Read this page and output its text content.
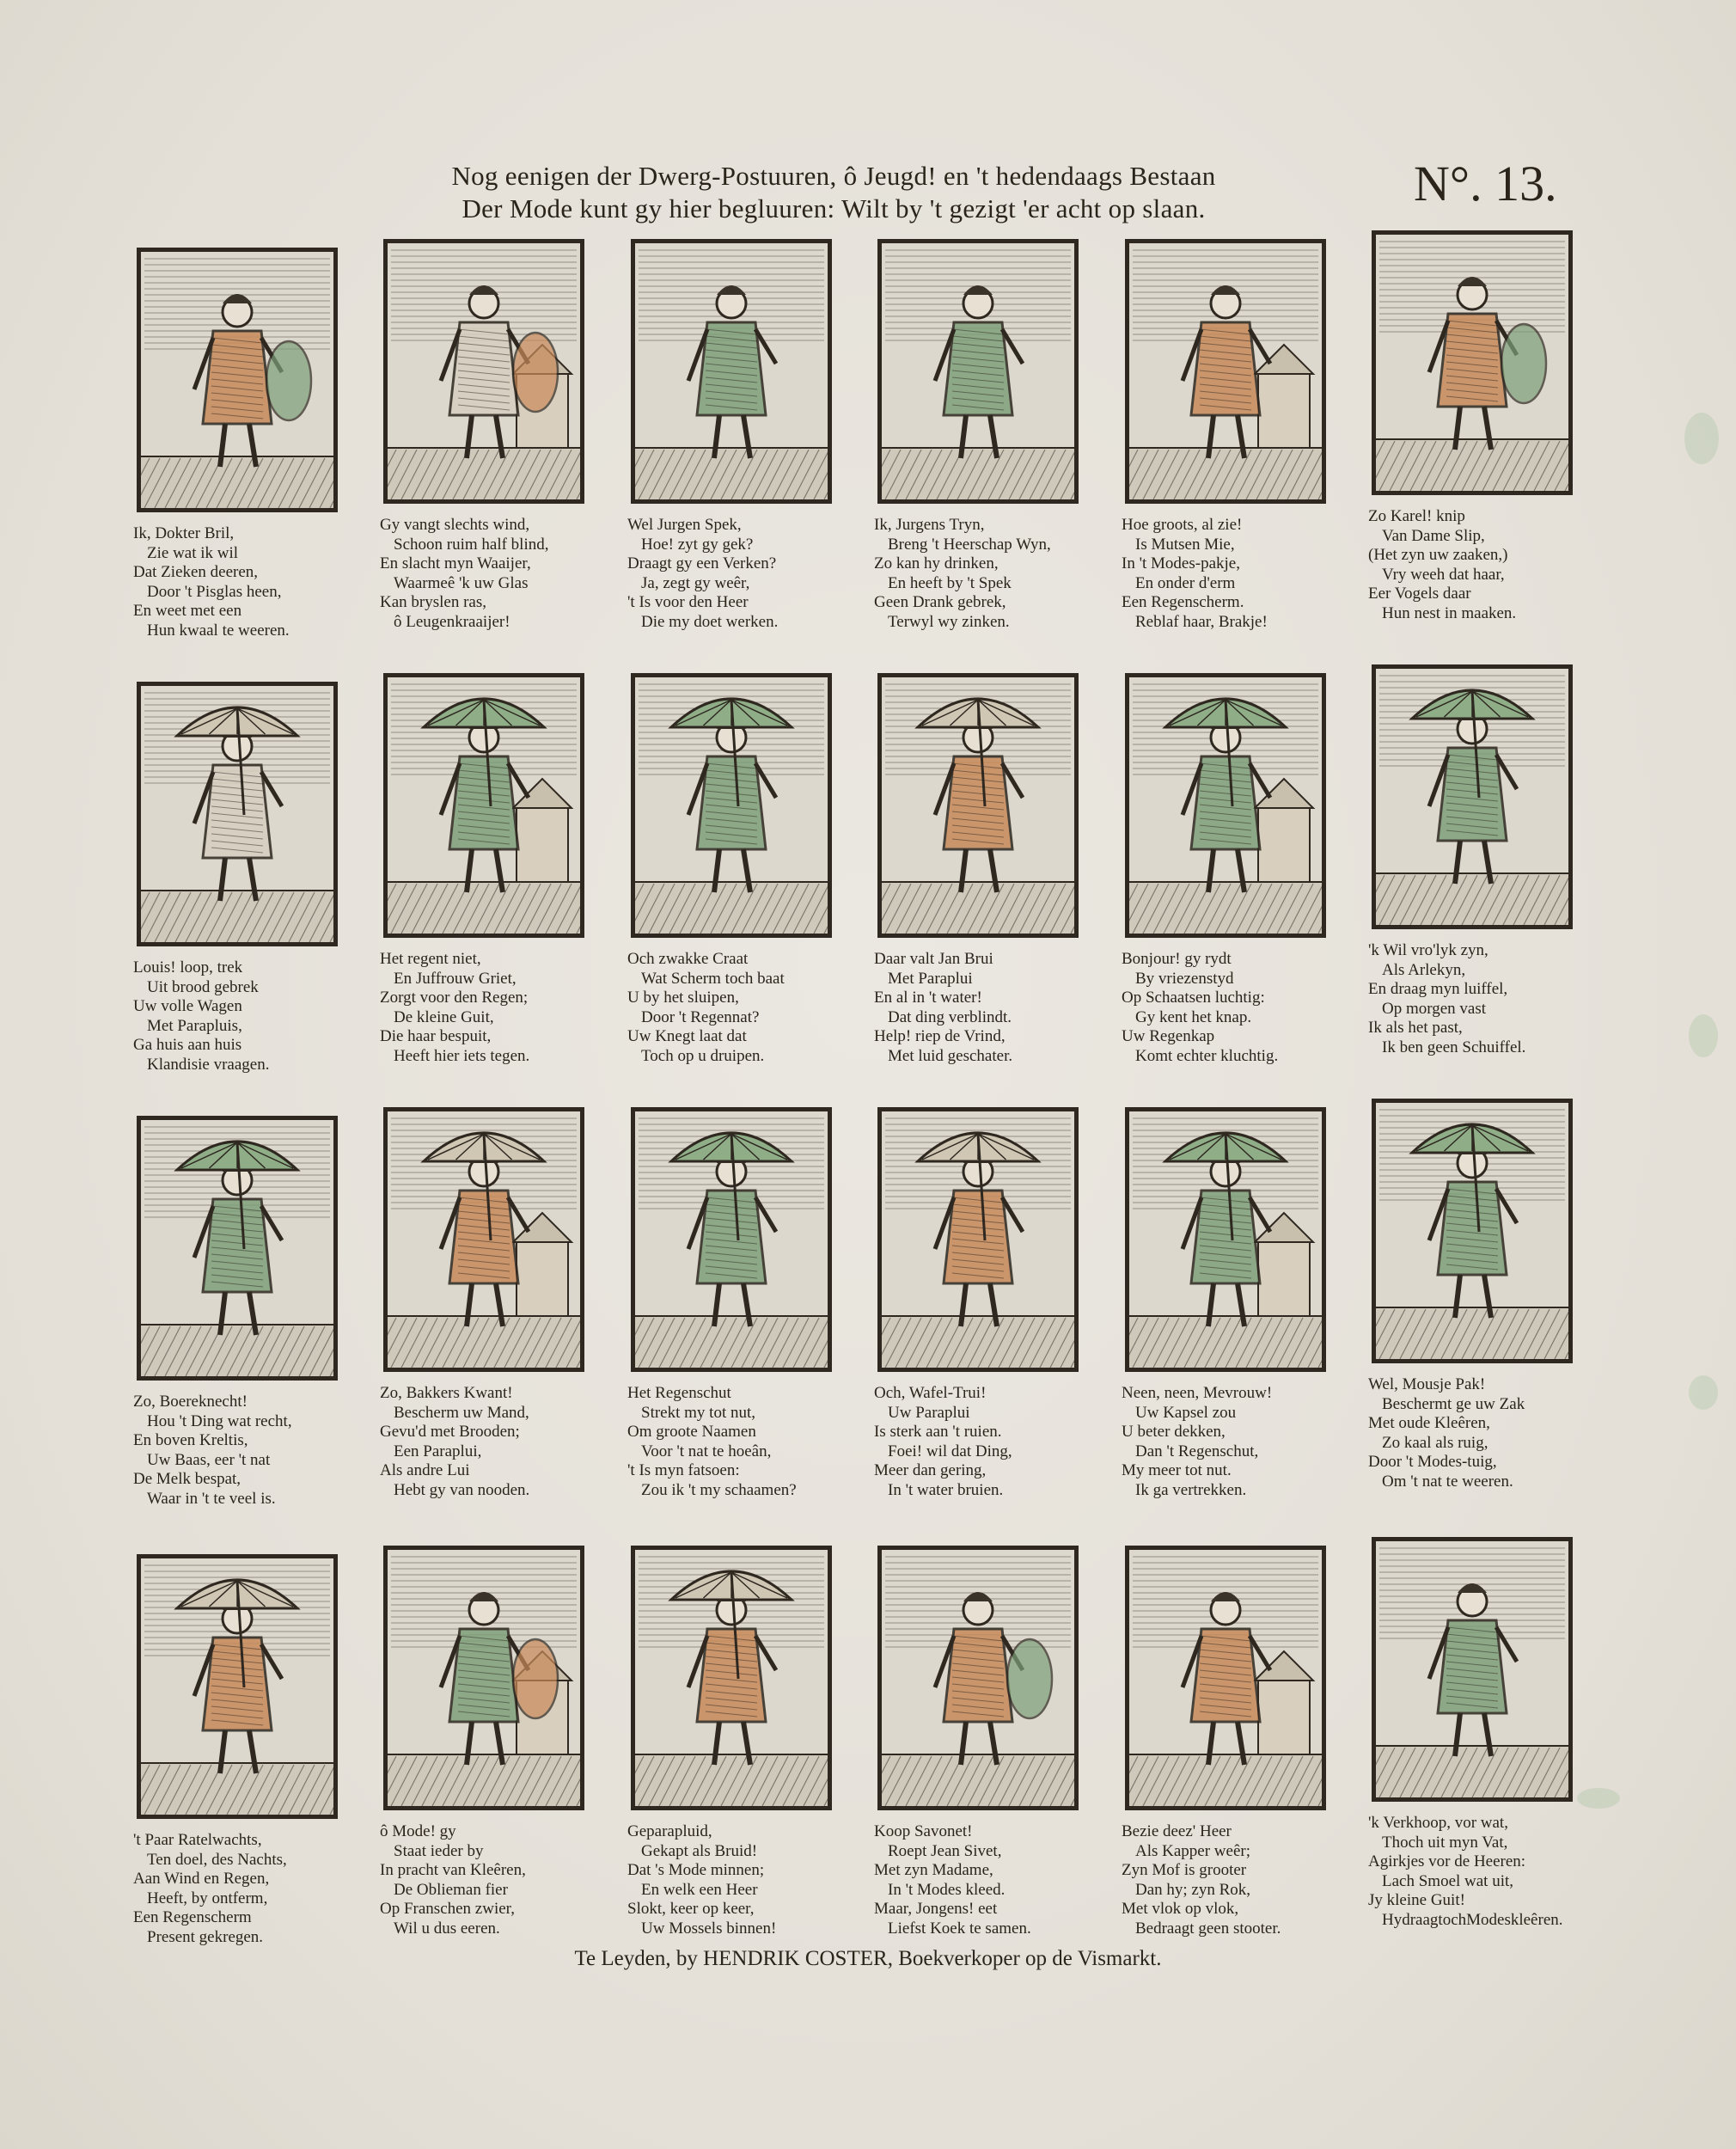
Nog eenigen der Dwerg-Postuuren, ô Jeugd! en 't hedendaags Bestaan
Der Mode kunt gy hier begluuren: Wilt by 't gezigt 'er acht op slaan.	N°. 13.
Ik, Dokter Bril,
Zie wat ik wil
Dat Zieken deeren,
Door 't Pisglas heen,
En weet met een
Hun kwaal te weeren.
Gy vangt slechts wind,
Schoon ruim half blind,
En slacht myn Waaijer,
Waarmeê 'k uw Glas
Kan bryslen ras,
ô Leugenkraaijer!
Wel Jurgen Spek,
Hoe! zyt gy gek?
Draagt gy een Verken?
Ja, zegt gy weêr,
't Is voor den Heer
Die my doet werken.
Ik, Jurgens Tryn,
Breng 't Heerschap Wyn,
Zo kan hy drinken,
En heeft by 't Spek
Geen Drank gebrek,
Terwyl wy zinken.
Hoe groots, al zie!
Is Mutsen Mie,
In 't Modes-pakje,
En onder d'erm
Een Regenscherm.
Reblaf haar, Brakje!
Zo Karel! knip
Van Dame Slip,
(Het zyn uw zaaken,)
Vry weeh dat haar,
Eer Vogels daar
Hun nest in maaken.
Louis! loop, trek
Uit brood gebrek
Uw volle Wagen
Met Parapluis,
Ga huis aan huis
Klandisie vraagen.
Het regent niet,
En Juffrouw Griet,
Zorgt voor den Regen;
De kleine Guit,
Die haar bespuit,
Heeft hier iets tegen.
Och zwakke Craat
Wat Scherm toch baat
U by het sluipen,
Door 't Regennat?
Uw Knegt laat dat
Toch op u druipen.
Daar valt Jan Brui
Met Paraplui
En al in 't water!
Dat ding verblindt.
Help! riep de Vrind,
Met luid geschater.
Bonjour! gy rydt
By vriezenstyd
Op Schaatsen luchtig:
Gy kent het knap.
Uw Regenkap
Komt echter kluchtig.
'k Wil vro'lyk zyn,
Als Arlekyn,
En draag myn luiffel,
Op morgen vast
Ik als het past,
Ik ben geen Schuiffel.
Zo, Boereknecht!
Hou 't Ding wat recht,
En boven Kreltis,
Uw Baas, eer 't nat
De Melk bespat,
Waar in 't te veel is.
Zo, Bakkers Kwant!
Bescherm uw Mand,
Gevu'd met Brooden;
Een Paraplui,
Als andre Lui
Hebt gy van nooden.
Het Regenschut
Strekt my tot nut,
Om groote Naamen
Voor 't nat te hoeân,
't Is myn fatsoen:
Zou ik 't my schaamen?
Och, Wafel-Trui!
Uw Paraplui
Is sterk aan 't ruien.
Foei! wil dat Ding,
Meer dan gering,
In 't water bruien.
Neen, neen, Mevrouw!
Uw Kapsel zou
U beter dekken,
Dan 't Regenschut,
My meer tot nut.
Ik ga vertrekken.
Wel, Mousje Pak!
Beschermt ge uw Zak
Met oude Kleêren,
Zo kaal als ruig,
Door 't Modes-tuig,
Om 't nat te weeren.
't Paar Ratelwachts,
Ten doel, des Nachts,
Aan Wind en Regen,
Heeft, by ontferm,
Een Regenscherm
Present gekregen.
ô Mode! gy
Staat ieder by
In pracht van Kleêren,
De Oblieman fier
Op Franschen zwier,
Wil u dus eeren.
Geparapluid,
Gekapt als Bruid!
Dat 's Mode minnen;
En welk een Heer
Slokt, keer op keer,
Uw Mossels binnen!
Koop Savonet!
Roept Jean Sivet,
Met zyn Madame,
In 't Modes kleed.
Maar, Jongens! eet
Liefst Koek te samen.
Bezie deez' Heer
Als Kapper weêr;
Zyn Mof is grooter
Dan hy; zyn Rok,
Met vlok op vlok,
Bedraagt geen stooter.
'k Verkhoop, vor wat,
Thoch uit myn Vat,
Agirkjes vor de Heeren:
Lach Smoel wat uit,
Jy kleine Guit!
HydraagtochModeskleêren.
Te Leyden, by HENDRIK COSTER, Boekverkoper op de Vismarkt.
